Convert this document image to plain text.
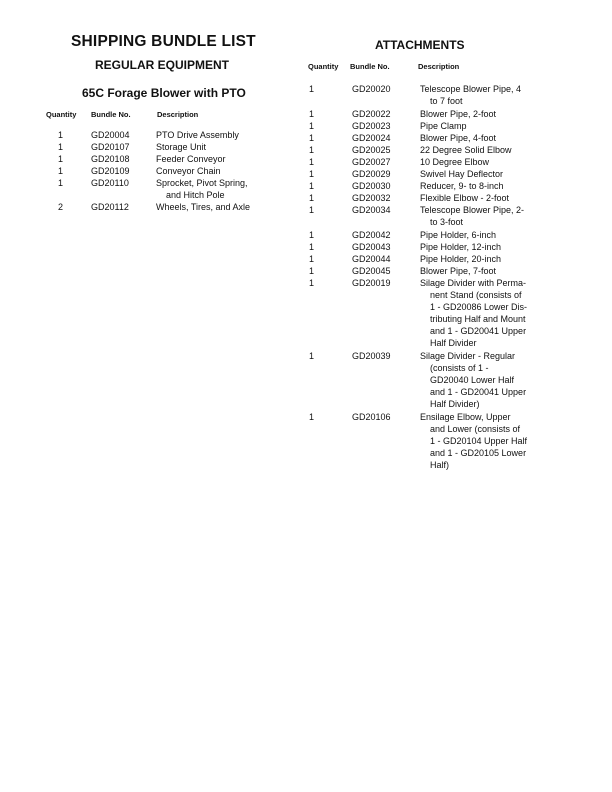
SHIPPING BUNDLE LIST
REGULAR EQUIPMENT
65C Forage Blower with PTO
Quantity Bundle No.	Description
1	GD20004	PTO Drive Assembly
1	GD20107	Storage Unit
1	GD20108	Feeder Conveyor
1	GD20109	Conveyor Chain
1	GD20110	Sprocket, Pivot Spring,
and Hitch Pole
2	GD20112	Wheels, Tires, and Axle
ATTACHMENTS
Quantity Bundle No.	Description
1	GD20020	Telescope Blower Pipe, 4
to 7 foot
1	GD20022	Blower Pipe, 2-foot
1	GD20023	Pipe Clamp
1	GD20024	Blower Pipe, 4-foot
1	GD20025	22 Degree Solid Elbow
1	GD20027	10 Degree Elbow
1	GD20029	Swivel Hay Deflector
1	GD20030	Reducer, 9- to 8-inch
1	GD20032	Flexible Elbow - 2-foot
1	GD20034	Telescope Blower Pipe, 2-
to 3-foot
1	GD20042	Pipe Holder, 6-inch
1	GD20043	Pipe Holder, 12-inch
1	GD20044	Pipe Holder, 20-inch
1	GD20045	Blower Pipe, 7-foot
1	GD20019	Silage Divider with Perma-
nent Stand (consists of
1 - GD20086 Lower Dis-
tributing Half and Mount
and 1 - GD20041 Upper
Half Divider
1	GD20039	Silage Divider - Regular
(consists of 1 -
GD20040 Lower Half
and 1 - GD20041 Upper
Half Divider)
1	GD20106	Ensilage Elbow, Upper
and Lower (consists of
1 - GD20104 Upper Half
and 1 - GD20105 Lower
Half)
